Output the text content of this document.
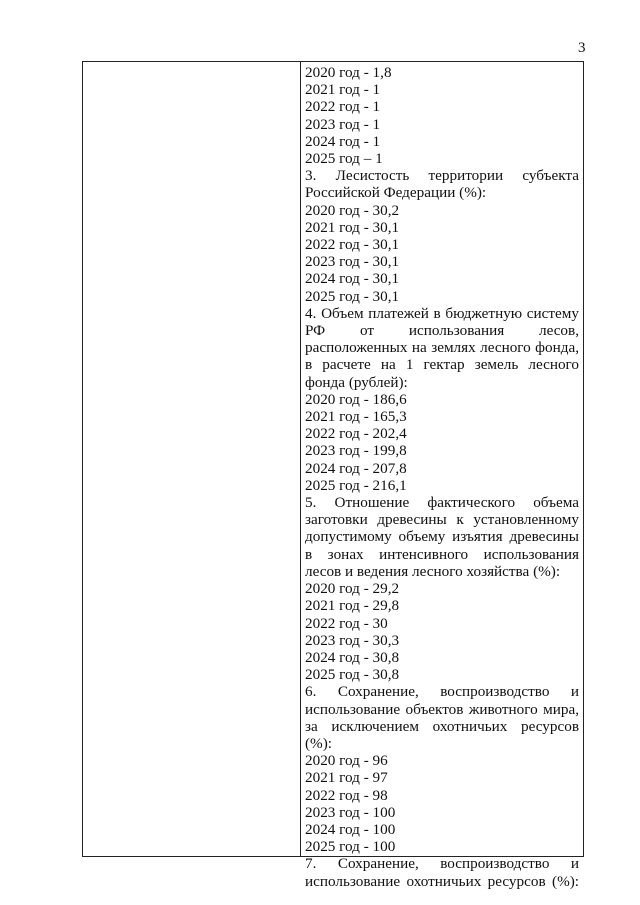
3
2020 год - 1,8
2021 год - 1
2022 год - 1
2023 год - 1
2024 год - 1
2025 год – 1
3. Лесистость территории субъекта Российской Федерации (%):
2020 год - 30,2
2021 год - 30,1
2022 год - 30,1
2023 год - 30,1
2024 год - 30,1
2025 год - 30,1
4. Объем платежей в бюджетную систему РФ от использования лесов, расположенных на землях лесного фонда, в расчете на 1 гектар земель лесного фонда (рублей):
2020 год - 186,6
2021 год - 165,3
2022 год - 202,4
2023 год - 199,8
2024 год - 207,8
2025 год - 216,1
5. Отношение фактического объема заготовки древесины к установленному допустимому объему изъятия древесины в зонах интенсивного использования лесов и ведения лесного хозяйства (%):
2020 год - 29,2
2021 год - 29,8
2022 год - 30
2023 год - 30,3
2024 год - 30,8
2025 год - 30,8
6. Сохранение, воспроизводство и использование объектов животного мира, за исключением охотничьих ресурсов (%):
2020 год - 96
2021 год - 97
2022 год - 98
2023 год - 100
2024 год - 100
2025 год - 100
7. Сохранение, воспроизводство и использование охотничьих ресурсов (%):
